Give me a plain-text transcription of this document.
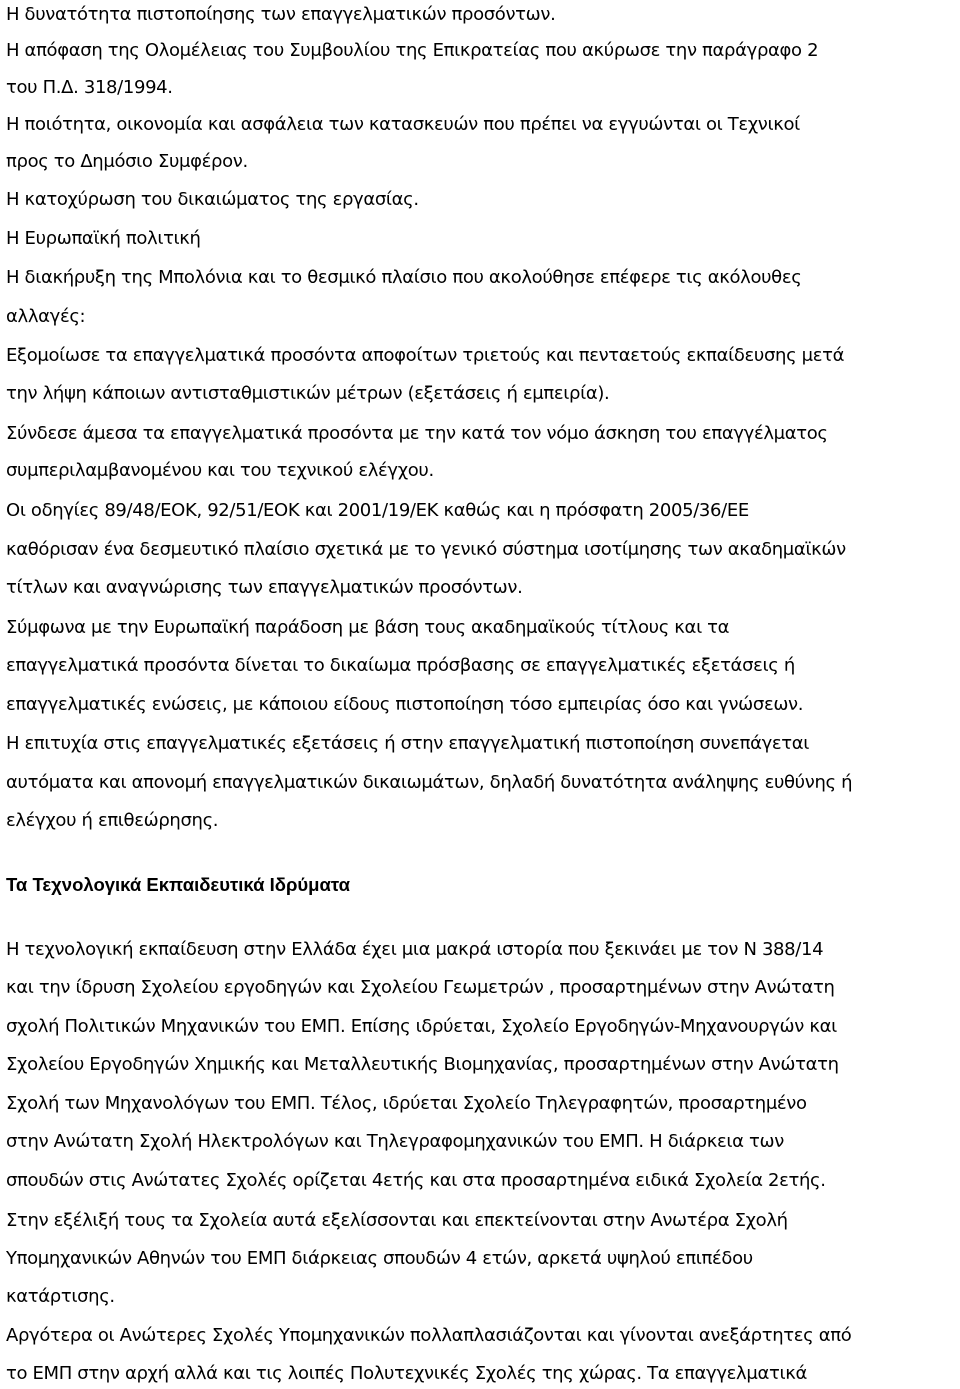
Η δυνατότητα πιστοποίησης των επαγγελματικών προσόντων.
Η απόφαση της Ολομέλειας του Συμβουλίου της Επικρατείας που ακύρωσε την παράγραφο 2
του Π.Δ. 318/1994.
Η ποιότητα, οικονομία και ασφάλεια των κατασκευών που πρέπει να εγγυώνται οι Τεχνικοί
προς το Δημόσιο Συμφέρον.
Η κατοχύρωση του δικαιώματος της εργασίας.
Η Ευρωπαϊκή πολιτική
Η διακήρυξη της Μπολόνια και το θεσμικό πλαίσιο που ακολούθησε επέφερε τις ακόλουθες
αλλαγές:
Εξομοίωσε τα επαγγελματικά προσόντα αποφοίτων τριετούς και πενταετούς εκπαίδευσης μετά
την λήψη κάποιων αντισταθμιστικών μέτρων (εξετάσεις ή εμπειρία).
Σύνδεσε άμεσα τα επαγγελματικά προσόντα με την κατά τον νόμο άσκηση του επαγγέλματος
συμπεριλαμβανομένου και του τεχνικού ελέγχου.
Οι οδηγίες 89/48/ΕΟΚ, 92/51/ΕΟΚ και 2001/19/ΕΚ καθώς και η πρόσφατη 2005/36/ΕΕ
καθόρισαν ένα δεσμευτικό πλαίσιο σχετικά με το γενικό σύστημα ισοτίμησης των ακαδημαϊκών
τίτλων και αναγνώρισης των επαγγελματικών προσόντων.
Σύμφωνα με την Ευρωπαϊκή παράδοση με βάση τους ακαδημαϊκούς τίτλους και τα
επαγγελματικά προσόντα δίνεται το δικαίωμα πρόσβασης σε επαγγελματικές εξετάσεις ή
επαγγελματικές ενώσεις, με κάποιου είδους πιστοποίηση τόσο εμπειρίας όσο και γνώσεων.
Η επιτυχία στις επαγγελματικές εξετάσεις ή στην επαγγελματική πιστοποίηση συνεπάγεται
αυτόματα και απονομή επαγγελματικών δικαιωμάτων, δηλαδή δυνατότητα ανάληψης ευθύνης ή
ελέγχου ή επιθεώρησης.
Τα Τεχνολογικά Εκπαιδευτικά Ιδρύματα
Η τεχνολογική εκπαίδευση στην Ελλάδα έχει μια μακρά ιστορία που ξεκινάει με τον Ν 388/14
και την ίδρυση Σχολείου εργοδηγών και Σχολείου Γεωμετρών , προσαρτημένων στην Ανώτατη
σχολή Πολιτικών Μηχανικών του ΕΜΠ. Επίσης ιδρύεται, Σχολείο Εργοδηγών-Μηχανουργών και
Σχολείου Εργοδηγών Χημικής και Μεταλλευτικής Βιομηχανίας, προσαρτημένων στην Ανώτατη
Σχολή των Μηχανολόγων του ΕΜΠ. Τέλος, ιδρύεται Σχολείο Τηλεγραφητών, προσαρτημένο
στην Ανώτατη Σχολή Ηλεκτρολόγων και Τηλεγραφομηχανικών του ΕΜΠ. Η διάρκεια των
σπουδών στις Ανώτατες Σχολές ορίζεται 4ετής και στα προσαρτημένα ειδικά Σχολεία 2ετής.
Στην εξέλιξή τους τα Σχολεία αυτά εξελίσσονται και επεκτείνονται στην Ανωτέρα Σχολή
Υπομηχανικών Αθηνών του ΕΜΠ διάρκειας σπουδών 4 ετών, αρκετά υψηλού επιπέδου
κατάρτισης.
Αργότερα οι Ανώτερες Σχολές Υπομηχανικών πολλαπλασιάζονται και γίνονται ανεξάρτητες από
το ΕΜΠ στην αρχή αλλά και τις λοιπές Πολυτεχνικές Σχολές της χώρας. Τα επαγγελματικά
